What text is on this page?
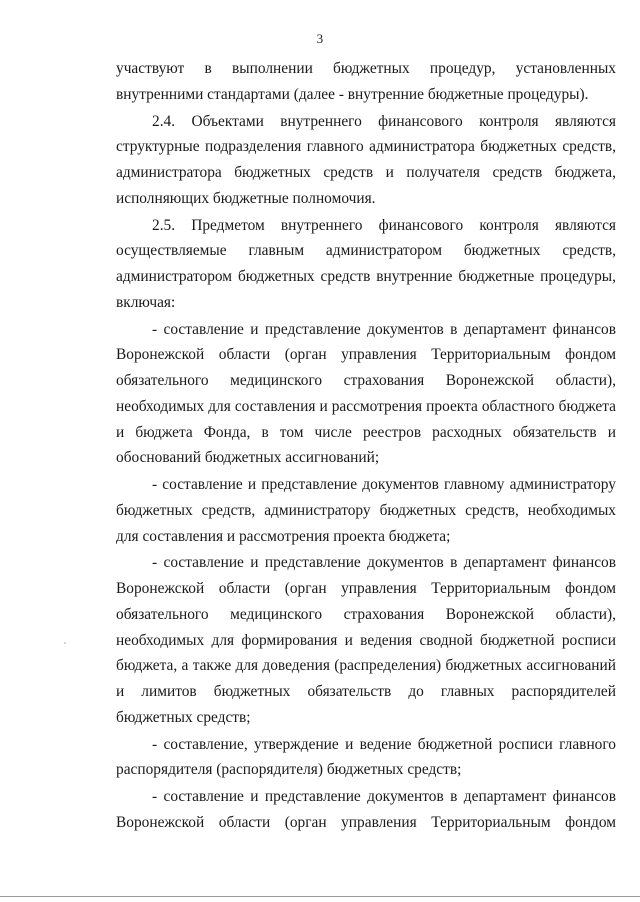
3

участвуют в выполнении бюджетных процедур, установленных внутренними стандартами (далее - внутренние бюджетные процедуры).

2.4. Объектами внутреннего финансового контроля являются структурные подразделения главного администратора бюджетных средств, администратора бюджетных средств и получателя средств бюджета, исполняющих бюджетные полномочия.

2.5. Предметом внутреннего финансового контроля являются осуществляемые главным администратором бюджетных средств, администратором бюджетных средств внутренние бюджетные процедуры, включая:

- составление и представление документов в департамент финансов Воронежской области (орган управления Территориальным фондом обязательного медицинского страхования Воронежской области), необходимых для составления и рассмотрения проекта областного бюджета и бюджета Фонда, в том числе реестров расходных обязательств и обоснований бюджетных ассигнований;

- составление и представление документов главному администратору бюджетных средств, администратору бюджетных средств, необходимых для составления и рассмотрения проекта бюджета;

- составление и представление документов в департамент финансов Воронежской области (орган управления Территориальным фондом обязательного медицинского страхования Воронежской области), необходимых для формирования и ведения сводной бюджетной росписи бюджета, а также для доведения (распределения) бюджетных ассигнований и лимитов бюджетных обязательств до главных распорядителей бюджетных средств;

- составление, утверждение и ведение бюджетной росписи главного распорядителя (распорядителя) бюджетных средств;

- составление и представление документов в департамент финансов Воронежской области (орган управления Территориальным фондом
